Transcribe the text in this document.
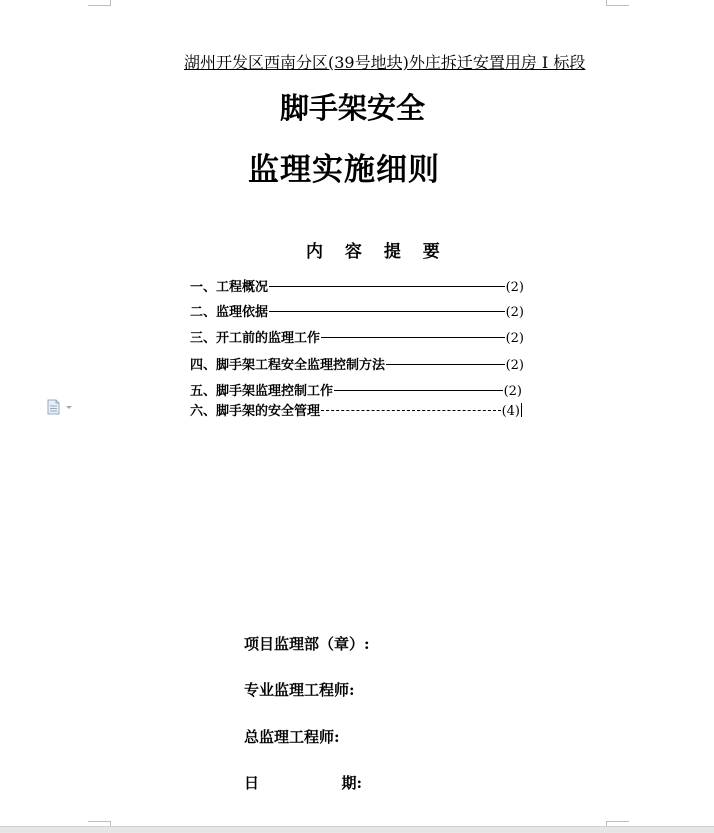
湖州开发区西南分区(39号地块)外庄拆迁安置用房 I 标段
脚手架安全
监理实施细则
内 容 提 要
一、工程概况	(2)
二、监理依据	(2)
三、开工前的监理工作	(2)
四、脚手架工程安全监理控制方法	(2)
五、脚手架监理控制工作	(2)
六、脚手架的安全管理	(4)
项目监理部（章）:
专业监理工程师:
总监理工程师:
日	期:
